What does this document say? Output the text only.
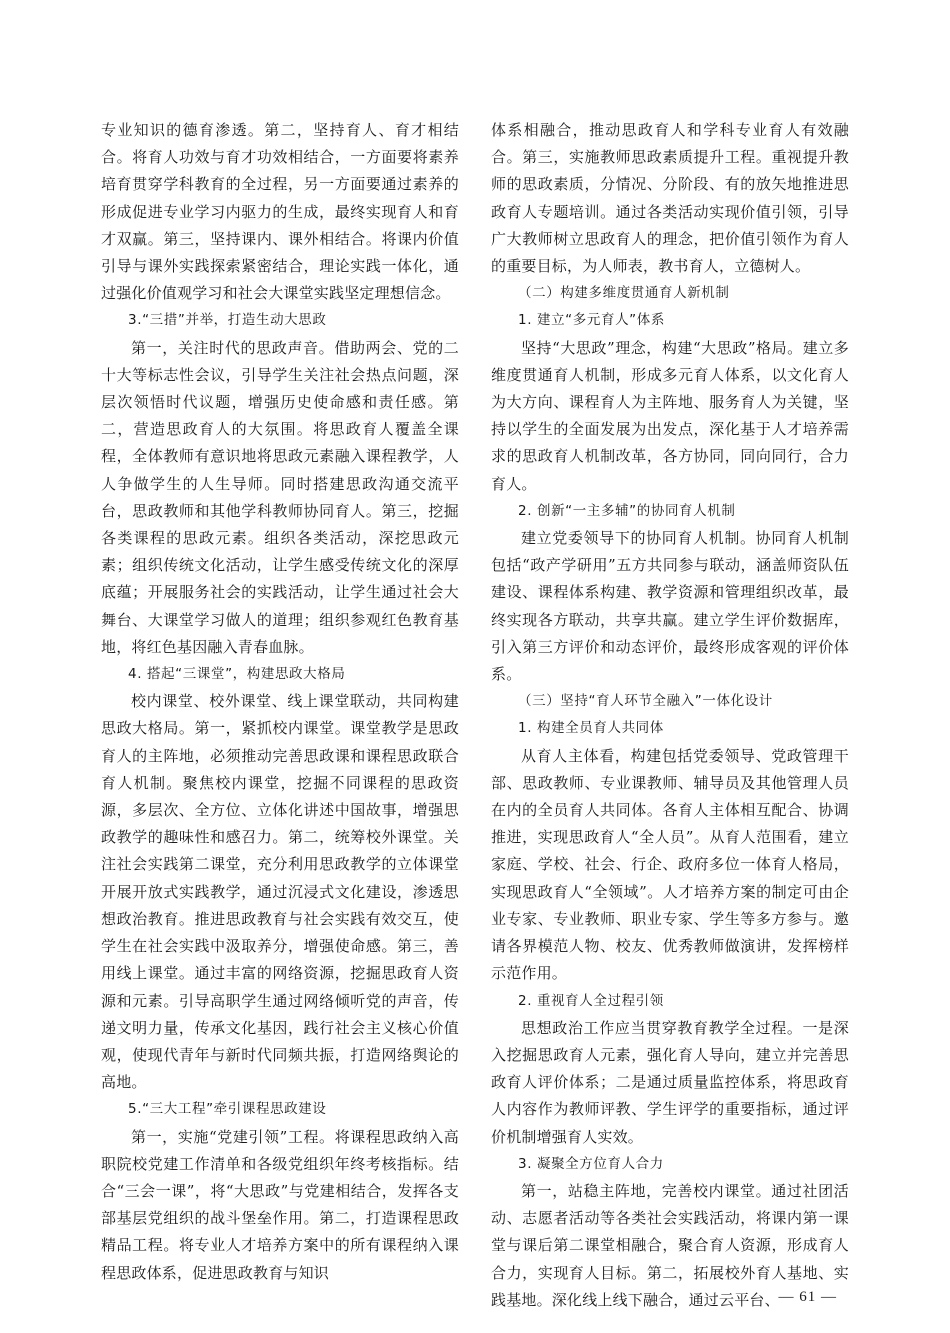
专业知识的德育渗透。第二，坚持育人、育才相结合。将育人功效与育才功效相结合，一方面要将素养培育贯穿学科教育的全过程，另一方面要通过素养的形成促进专业学习内驱力的生成，最终实现育人和育才双赢。第三，坚持课内、课外相结合。将课内价值引导与课外实践探索紧密结合，理论实践一体化，通过强化价值观学习和社会大课堂实践坚定理想信念。

3.“三措”并举，打造生动大思政

第一，关注时代的思政声音。借助两会、党的二十大等标志性会议，引导学生关注社会热点问题，深层次领悟时代议题，增强历史使命感和责任感。第二，营造思政育人的大氛围。将思政育人覆盖全课程，全体教师有意识地将思政元素融入课程教学，人人争做学生的人生导师。同时搭建思政沟通交流平台，思政教师和其他学科教师协同育人。第三，挖掘各类课程的思政元素。组织各类活动，深挖思政元素；组织传统文化活动，让学生感受传统文化的深厚底蕴；开展服务社会的实践活动，让学生通过社会大舞台、大课堂学习做人的道理；组织参观红色教育基地，将红色基因融入青春血脉。

4. 搭起“三课堂”，构建思政大格局

校内课堂、校外课堂、线上课堂联动，共同构建思政大格局。第一，紧抓校内课堂。课堂教学是思政育人的主阵地，必须推动完善思政课和课程思政联合育人机制。聚焦校内课堂，挖掘不同课程的思政资源，多层次、全方位、立体化讲述中国故事，增强思政教学的趣味性和感召力。第二，统筹校外课堂。关注社会实践第二课堂，充分利用思政教学的立体课堂开展开放式实践教学，通过沉浸式文化建设，渗透思想政治教育。推进思政教育与社会实践有效交互，使学生在社会实践中汲取养分，增强使命感。第三，善用线上课堂。通过丰富的网络资源，挖掘思政育人资源和元素。引导高职学生通过网络倾听党的声音，传递文明力量，传承文化基因，践行社会主义核心价值观，使现代青年与新时代同频共振，打造网络舆论的高地。

5.“三大工程”牵引课程思政建设

第一，实施“党建引领”工程。将课程思政纳入高职院校党建工作清单和各级党组织年终考核指标。结合“三会一课”，将“大思政”与党建相结合，发挥各支部基层党组织的战斗堡垒作用。第二，打造课程思政精品工程。将专业人才培养方案中的所有课程纳入课程思政体系，促进思政教育与知识

体系相融合，推动思政育人和学科专业育人有效融合。第三，实施教师思政素质提升工程。重视提升教师的思政素质，分情况、分阶段、有的放矢地推进思政育人专题培训。通过各类活动实现价值引领，引导广大教师树立思政育人的理念，把价值引领作为育人的重要目标，为人师表，教书育人，立德树人。

（二）构建多维度贯通育人新机制

1. 建立“多元育人”体系

坚持“大思政”理念，构建“大思政”格局。建立多维度贯通育人机制，形成多元育人体系，以文化育人为大方向、课程育人为主阵地、服务育人为关键，坚持以学生的全面发展为出发点，深化基于人才培养需求的思政育人机制改革，各方协同，同向同行，合力育人。

2. 创新“一主多辅”的协同育人机制

建立党委领导下的协同育人机制。协同育人机制包括“政产学研用”五方共同参与联动，涵盖师资队伍建设、课程体系构建、教学资源和管理组织改革，最终实现各方联动，共享共赢。建立学生评价数据库，引入第三方评价和动态评价，最终形成客观的评价体系。

（三）坚持“育人环节全融入”一体化设计

1. 构建全员育人共同体

从育人主体看，构建包括党委领导、党政管理干部、思政教师、专业课教师、辅导员及其他管理人员在内的全员育人共同体。各育人主体相互配合、协调推进，实现思政育人“全人员”。从育人范围看，建立家庭、学校、社会、行企、政府多位一体育人格局，实现思政育人“全领域”。人才培养方案的制定可由企业专家、专业教师、职业专家、学生等多方参与。邀请各界模范人物、校友、优秀教师做演讲，发挥榜样示范作用。

2. 重视育人全过程引领

思想政治工作应当贯穿教育教学全过程。一是深入挖掘思政育人元素，强化育人导向，建立并完善思政育人评价体系；二是通过质量监控体系，将思政育人内容作为教师评教、学生评学的重要指标，通过评价机制增强育人实效。

3. 凝聚全方位育人合力

第一，站稳主阵地，完善校内课堂。通过社团活动、志愿者活动等各类社会实践活动，将课内第一课堂与课后第二课堂相融合，聚合育人资源，形成育人合力，实现育人目标。第二，拓展校外育人基地、实践基地。深化线上线下融合，通过云平台、

— 61 —
